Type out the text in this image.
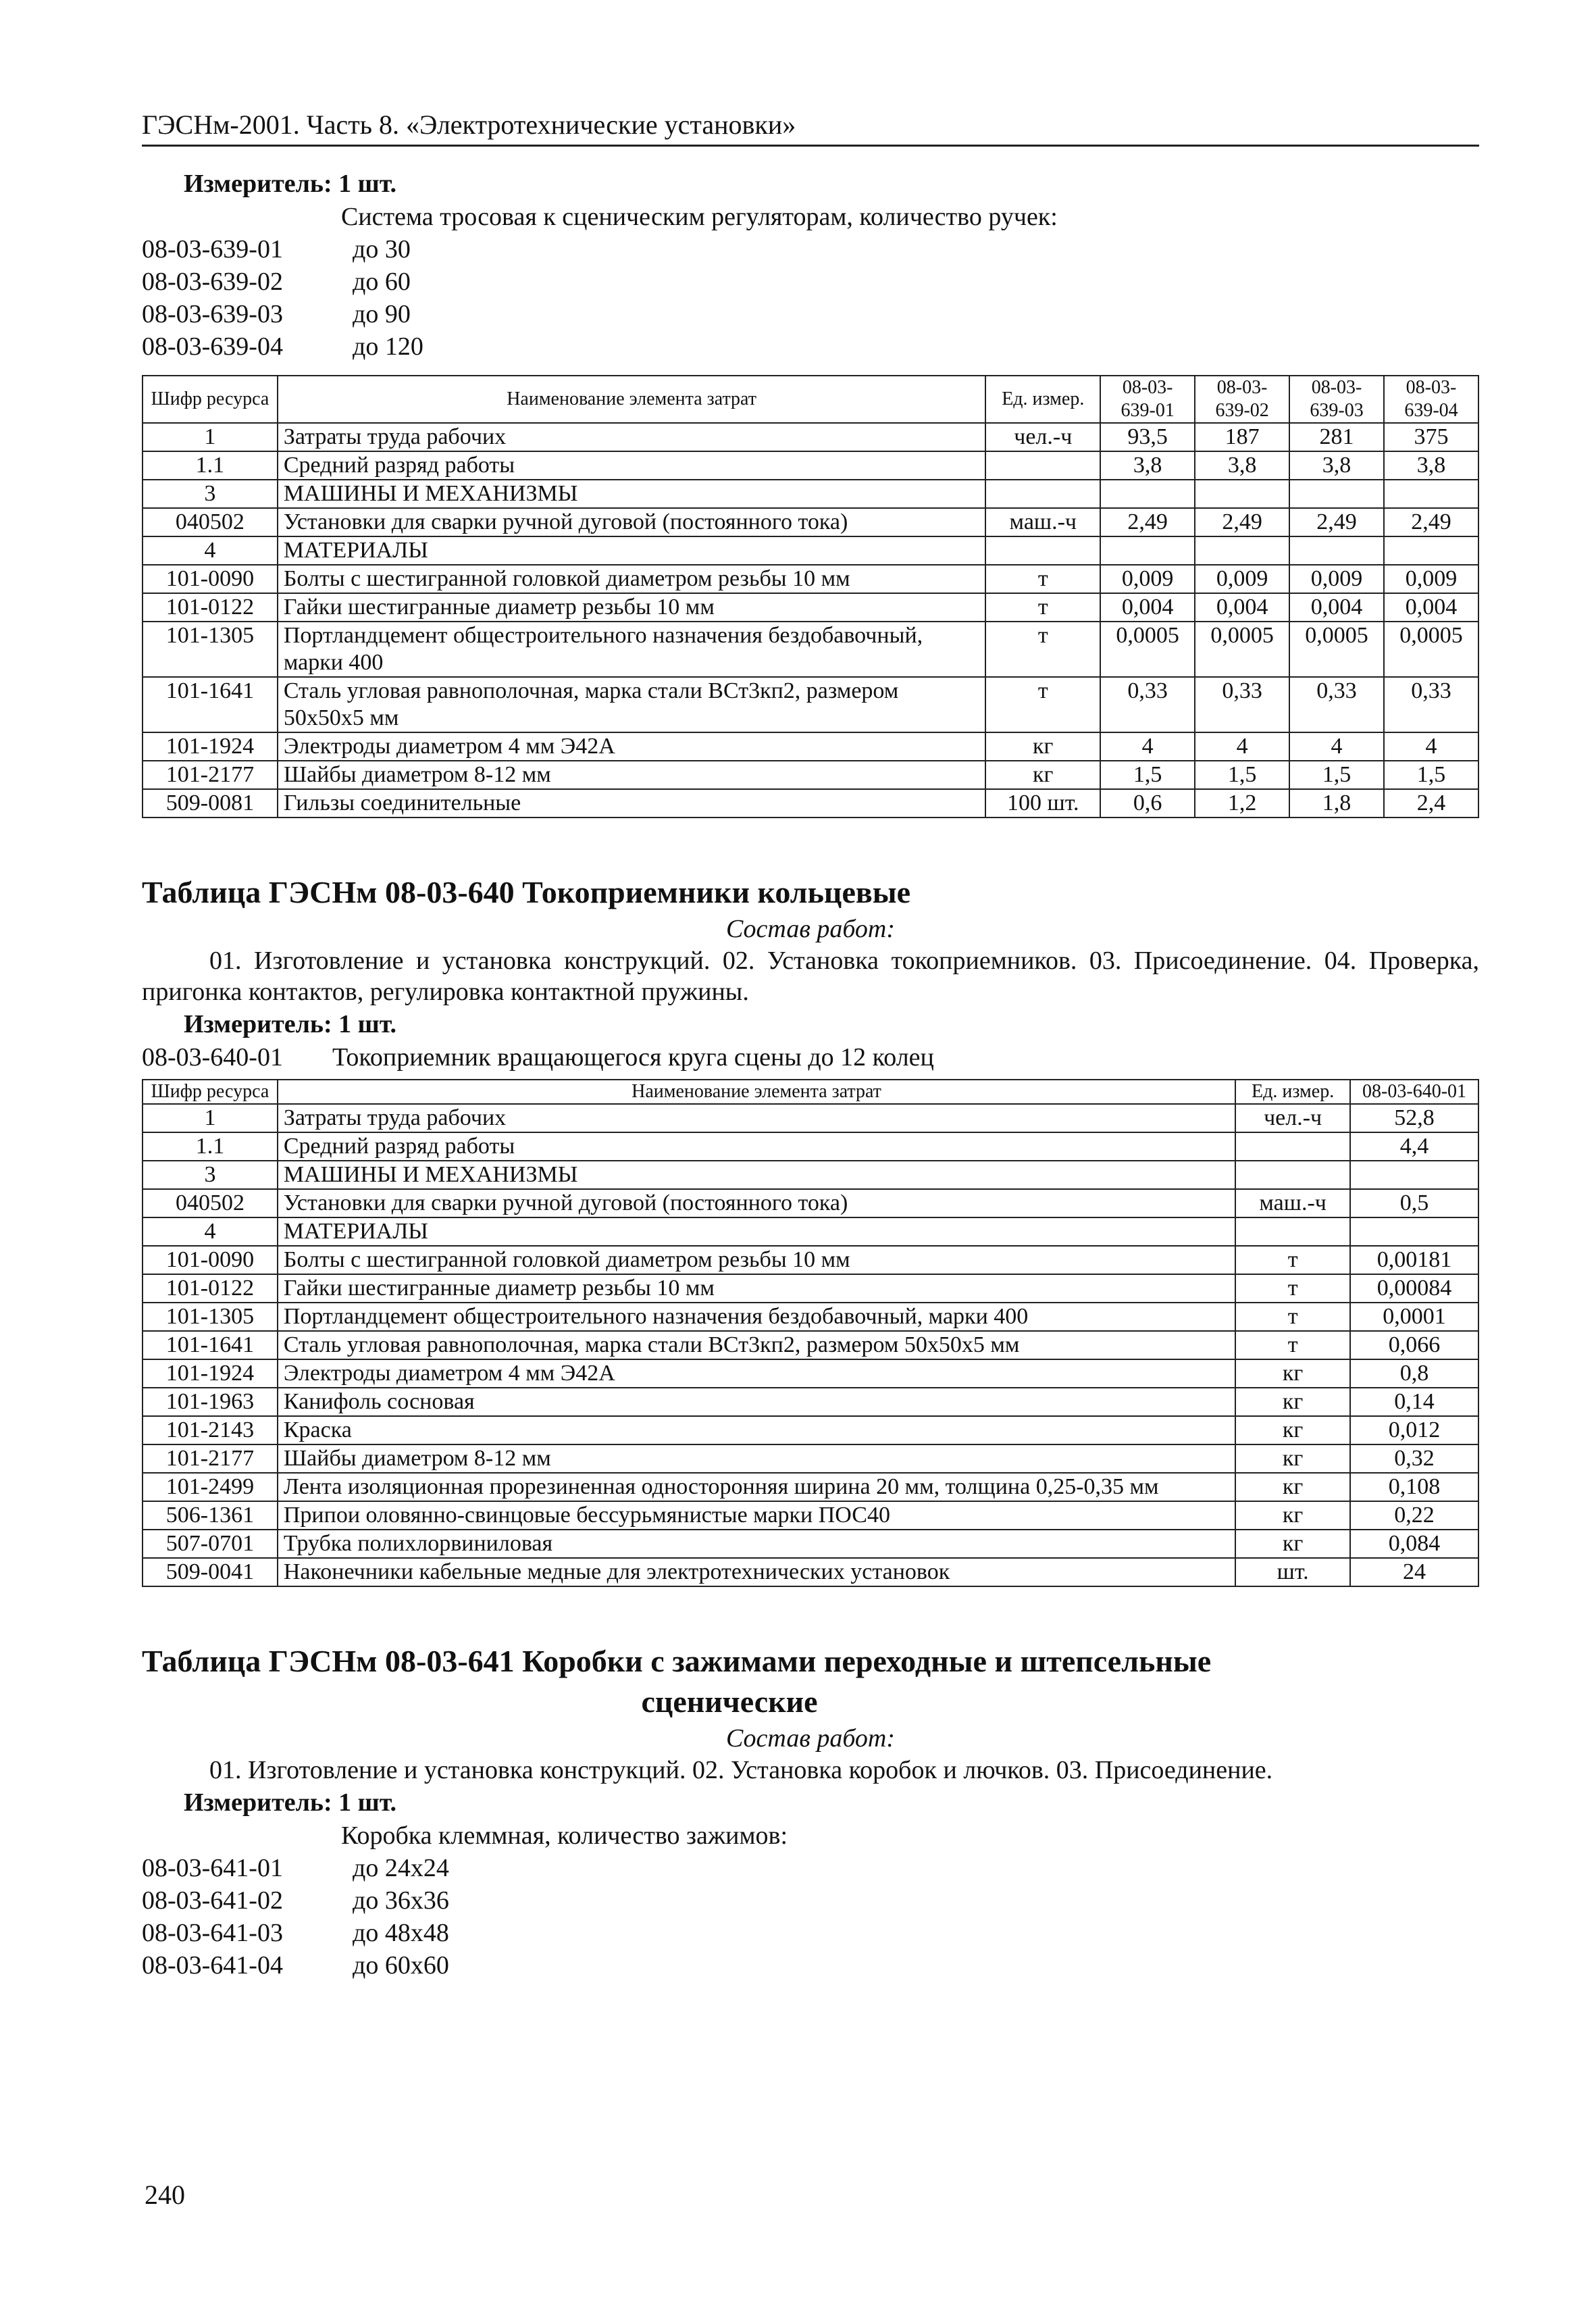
ГЭСНм-2001. Часть 8. «Электротехнические установки»
Измеритель: 1 шт.
Система тросовая к сценическим регуляторам, количество ручек:
08-03-639-01	до 30
08-03-639-02	до 60
08-03-639-03	до 90
08-03-639-04	до 120
Шифр ресурса	Наименование элемента затрат	Ед. измер.	08-03-639-01	08-03-639-02	08-03-639-03	08-03-639-04
1	Затраты труда рабочих	чел.-ч	93,5	187	281	375
1.1	Средний разряд работы		3,8	3,8	3,8	3,8
3	МАШИНЫ И МЕХАНИЗМЫ					
040502	Установки для сварки ручной дуговой (постоянного тока)	маш.-ч	2,49	2,49	2,49	2,49
4	МАТЕРИАЛЫ					
101-0090	Болты с шестигранной головкой диаметром резьбы 10 мм	т	0,009	0,009	0,009	0,009
101-0122	Гайки шестигранные диаметр резьбы 10 мм	т	0,004	0,004	0,004	0,004
101-1305	Портландцемент общестроительного назначения бездобавочный, марки 400	т	0,0005	0,0005	0,0005	0,0005
101-1641	Сталь угловая равнополочная, марка стали ВСт3кп2, размером 50х50х5 мм	т	0,33	0,33	0,33	0,33
101-1924	Электроды диаметром 4 мм Э42А	кг	4	4	4	4
101-2177	Шайбы диаметром 8-12 мм	кг	1,5	1,5	1,5	1,5
509-0081	Гильзы соединительные	100 шт.	0,6	1,2	1,8	2,4
Таблица ГЭСНм 08-03-640 Токоприемники кольцевые
Состав работ:
01. Изготовление и установка конструкций. 02. Установка токоприемников. 03. Присоединение. 04. Проверка, пригонка контактов, регулировка контактной пружины.
Измеритель: 1 шт.
08-03-640-01	Токоприемник вращающегося круга сцены до 12 колец
Шифр ресурса	Наименование элемента затрат	Ед. измер.	08-03-640-01
1	Затраты труда рабочих	чел.-ч	52,8
1.1	Средний разряд работы		4,4
3	МАШИНЫ И МЕХАНИЗМЫ		
040502	Установки для сварки ручной дуговой (постоянного тока)	маш.-ч	0,5
4	МАТЕРИАЛЫ		
101-0090	Болты с шестигранной головкой диаметром резьбы 10 мм	т	0,00181
101-0122	Гайки шестигранные диаметр резьбы 10 мм	т	0,00084
101-1305	Портландцемент общестроительного назначения бездобавочный, марки 400	т	0,0001
101-1641	Сталь угловая равнополочная, марка стали ВСт3кп2, размером 50х50х5 мм	т	0,066
101-1924	Электроды диаметром 4 мм Э42А	кг	0,8
101-1963	Канифоль сосновая	кг	0,14
101-2143	Краска	кг	0,012
101-2177	Шайбы диаметром 8-12 мм	кг	0,32
101-2499	Лента изоляционная прорезиненная односторонняя ширина 20 мм, толщина 0,25-0,35 мм	кг	0,108
506-1361	Припои оловянно-свинцовые бессурьмянистые марки ПОС40	кг	0,22
507-0701	Трубка полихлорвиниловая	кг	0,084
509-0041	Наконечники кабельные медные для электротехнических установок	шт.	24
Таблица ГЭСНм 08-03-641 Коробки с зажимами переходные и штепсельные
сценические
Состав работ:
01. Изготовление и установка конструкций. 02. Установка коробок и лючков. 03. Присоединение.
Измеритель: 1 шт.
Коробка клеммная, количество зажимов:
08-03-641-01	до 24х24
08-03-641-02	до 36х36
08-03-641-03	до 48х48
08-03-641-04	до 60х60
240
